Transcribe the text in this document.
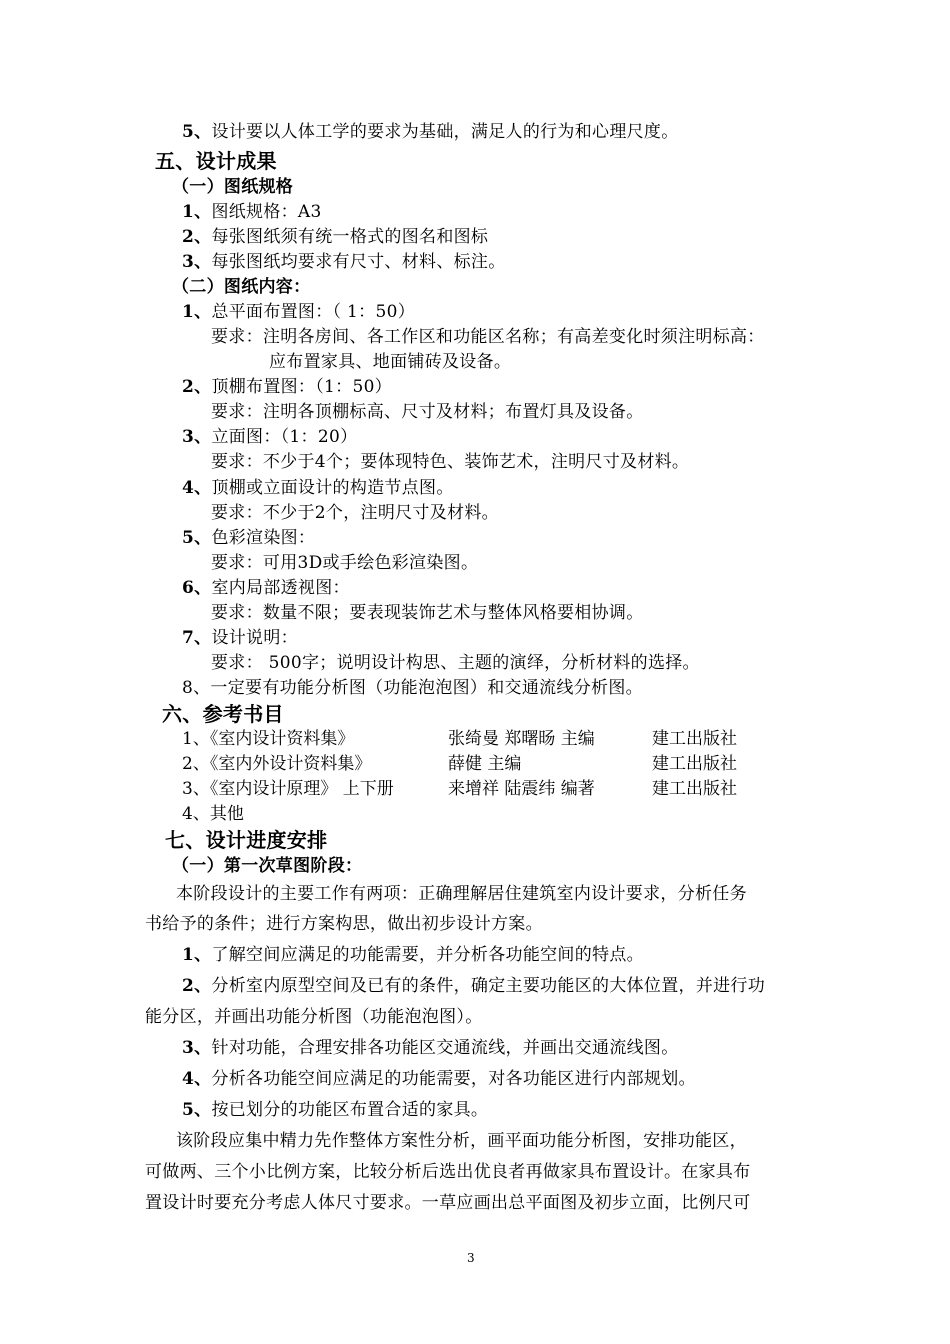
5、设计要以人体工学的要求为基础，满足人的行为和心理尺度。
五、设计成果
（一）图纸规格
1、图纸规格：A3
2、每张图纸须有统一格式的图名和图标
3、每张图纸均要求有尺寸、材料、标注。
（二）图纸内容：
1、总平面布置图：（ 1：50）
要求：注明各房间、各工作区和功能区名称；有高差变化时须注明标高：
应布置家具、地面铺砖及设备。
2、顶棚布置图：（1：50）
要求：注明各顶棚标高、尺寸及材料；布置灯具及设备。
3、立面图：（1：20）
要求：不少于4个；要体现特色、装饰艺术，注明尺寸及材料。
4、顶棚或立面设计的构造节点图。
要求：不少于2个，注明尺寸及材料。
5、色彩渲染图：
要求：可用3D或手绘色彩渲染图。
6、室内局部透视图：
要求：数量不限；要表现装饰艺术与整体风格要相协调。
7、设计说明：
要求： 500字；说明设计构思、主题的演绎，分析材料的选择。
8、一定要有功能分析图（功能泡泡图）和交通流线分析图。
六、参考书目
1、《室内设计资料集》	张绮曼 郑曙旸 主编	建工出版社
2、《室内外设计资料集》	薛健 主编	建工出版社
3、《室内设计原理》 上下册	来增祥 陆震纬 编著	建工出版社
4、其他
七、设计进度安排
（一）第一次草图阶段：
本阶段设计的主要工作有两项：正确理解居住建筑室内设计要求，分析任务
书给予的条件；进行方案构思，做出初步设计方案。
1、了解空间应满足的功能需要，并分析各功能空间的特点。
2、分析室内原型空间及已有的条件，确定主要功能区的大体位置，并进行功
能分区，并画出功能分析图（功能泡泡图）。
3、针对功能，合理安排各功能区交通流线，并画出交通流线图。
4、分析各功能空间应满足的功能需要，对各功能区进行内部规划。
5、按已划分的功能区布置合适的家具。
该阶段应集中精力先作整体方案性分析，画平面功能分析图，安排功能区，
可做两、三个小比例方案，比较分析后选出优良者再做家具布置设计。在家具布
置设计时要充分考虑人体尺寸要求。一草应画出总平面图及初步立面，比例尺可
3
